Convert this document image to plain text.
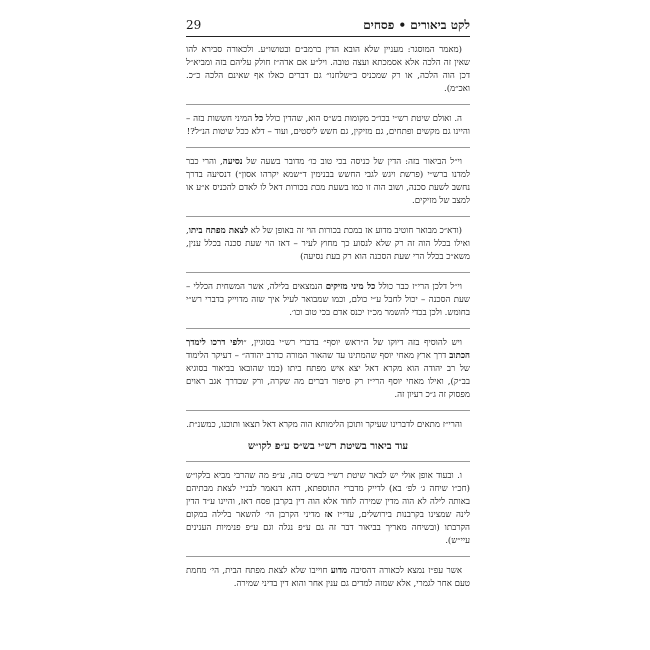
לקט ביאורים • פסחים
29

(מאמר המוסגר: מעניין שלא הובא הדין ברמב״ם ובטושו״ע. ולכאורה סבירא להו שאין זה הלכה אלא אסמכתא ועצה טובה. ויל״ע אם אדה״ז חולק עליהם בזה ומביא״ל דכן הוה הלכה, או רק שמכניס ב״שלחנו״ גם דברים כאלו אף שאינם הלכה כ״כ. ואכ״מ).

ה. ואולם שיטת רש״י בכו״כ מקומות בש״ס הוא, שהדין כולל כל המיני חששות בזה – והיינו גם מקשים ופתחים, גם מזיקין, גם חשש ליסטים, ועוד – דלא ככל שיטות הנ״ל?!

וי״ל הביאור בזה: הדין של כניסה בכי טוב כו׳ מדובר בשעה של נסיעה, והרי כבר למדנו ברש״י (פרשת ויגש לגבי החשש בבנימין ד״שמא יקרהו אסון״) דנסיעה בדרך נחשב לשעת סכנה, ושוב הוה זו כמו בשעת מכת בכורות דאל לו לאדם להכניס א״ע או למצב של מזיקים.

(ודא״כ מבואר חוטיב מדוע אז במכת בכורות הוי זה באופן של לא לצאת מפתח ביתו, ואילו בכלל הוה זה רק שלא לנסוע כך מחוץ לעיר – דאז הוי שעת סכנה בכלל ענין, משא״כ בכלל הרי שעת הסכנה הוא רק בעת נסיעה)

וי״ל דלכן הרי״ז כבר כולל כל מיני מזיקים הנמצאים בלילה, אשר המשחית הכללי – שעת הסכנה – יכול לחבל ע״י כולם, וכמו שמבואר לעיל איך שזה מדוייק בדברי רש״י בחומש. ולכן בכדי להשמר מכ״ז יכנס אדם בכי טוב וכו׳.

ויש להוסיף בזה דיוקו של ה״ראש יוסף״ בדברי רש״י בסוגיין, ״ולפי דרכו לימדך הכתוב דרך ארץ מאחי יוסף שהמתינו עד שהאור המורה כדרב יהודה״ – דעיקר הלימוד של רב יהודה הוא מקרא דאל יצא איש מפתח ביתו (כמו שהובאו בביאור בסוגיא בב״ק), ואילו מאחי יוסף הרי״ז רק סיפור דברים מה שקרה, ורק שבדרך אגב ראוים מפסוק זה ג״כ רעיון זה.

והרי״ז מתאים לדברינו שעיקר ותוכן הלימותא הוה מקרא דאל תצאו ותוכנו, כמשנ״ת.

עוד ביאור בשיטת רש״י בש״ס ע״פ לקו״ש

ו. ובעוד אופן אולי יש לבאר שיטת רש״י בש״ס בזה, ע״פ מה שהרבי מביא בלקו״ש (חכ״ו שיחה ג׳ לפ׳ בא) לדייק מדברי התוספתא, דהא דנאמר לבנ״י לצאת מבתיהם באותה לילה לא הוה מדין שמירה לחוד אלא הוה דין בקרבן פסח דאז, והיינו ע״ד הדין לינה שמצינו בקרבנות בירושלים, עדי״ז אז מדיני הקרבן הי׳ להשאר בלילה במקום הקרבתו (ובשיחה מאריך בביאור דבר זה גם ע״פ נגלה וגם ע״פ פנימיות הענינים עיי״ש).

אשר עפ״ז נמצא לכאורה דהסיבה מדוע חוייבו שלא לצאת מפתח הבית, הי׳ מחמת טעם אחר לגמרי, אלא שמזה למדים גם ענין אחר והוא דין בדיני שמירה.
